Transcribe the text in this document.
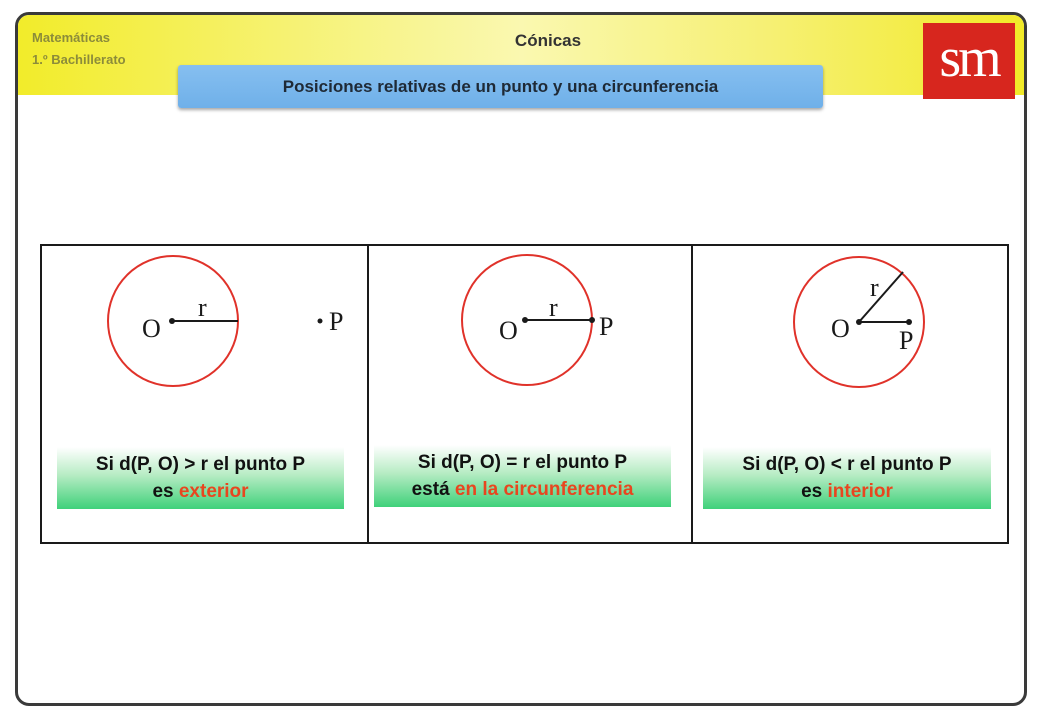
Matemáticas
1.º Bachillerato
Cónicas
Posiciones relativas de un punto y una circunferencia	sm
O
r	P
Si d(P, O) > r el punto P
es exterior
O
r
P
Si d(P, O) = r el punto P
está en la circunferencia
O
r
P
Si d(P, O) < r el punto P
es interior
